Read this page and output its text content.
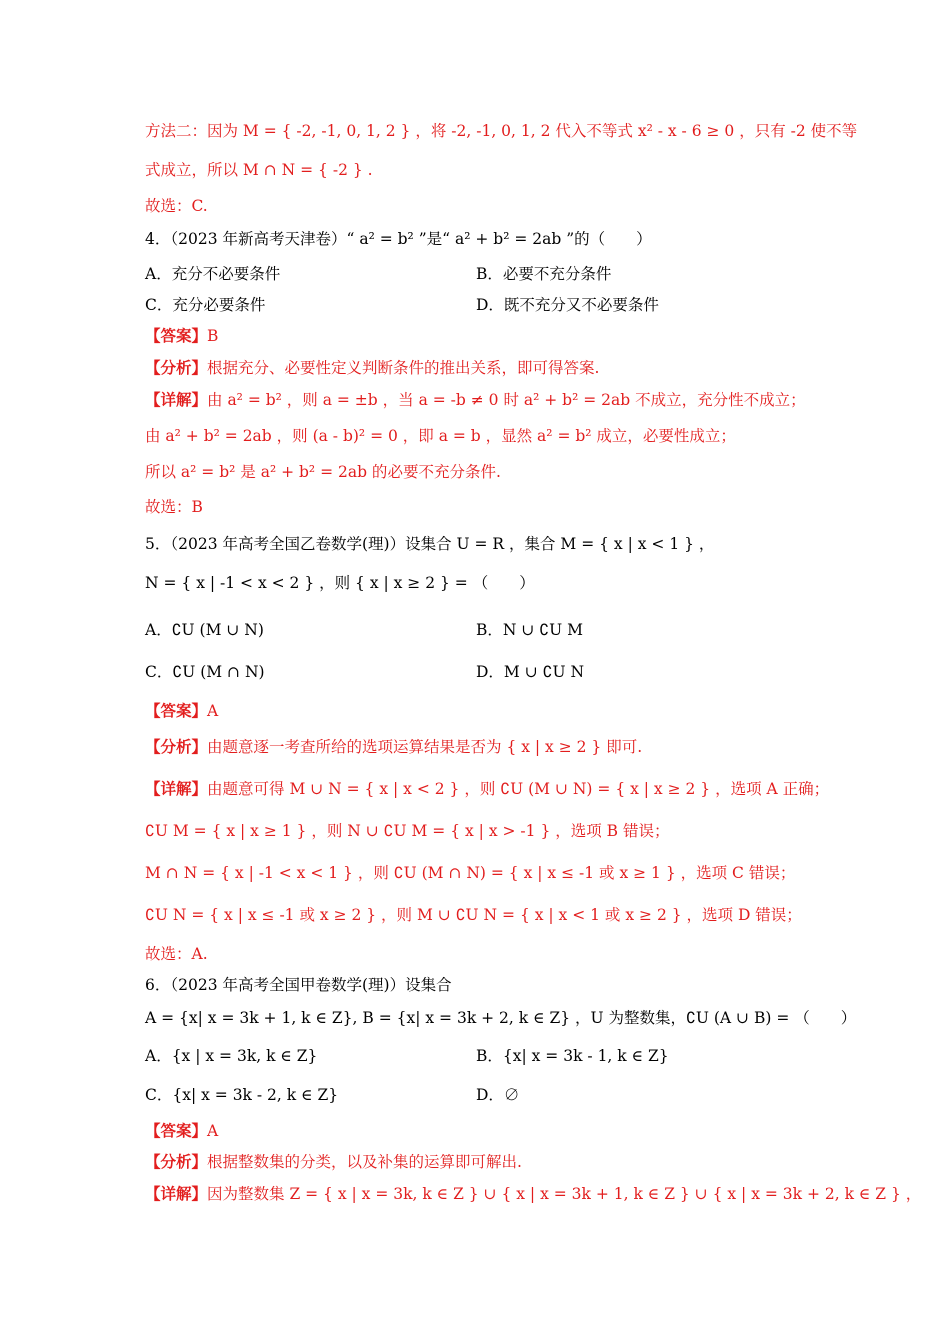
方法二：因为 M = { -2, -1, 0, 1, 2 } ，将 -2, -1, 0, 1, 2 代入不等式 x² - x - 6 ≥ 0 ，只有 -2 使不等
式成立，所以 M ∩ N = { -2 } .
故选：C.
4．（2023 年新高考天津卷）“ a² = b² ”是“ a² + b² = 2ab ”的（　　）
A．充分不必要条件	B．必要不充分条件
C．充分必要条件	D．既不充分又不必要条件
【答案】B
【分析】根据充分、必要性定义判断条件的推出关系，即可得答案.
【详解】由 a² = b² ，则 a = ±b ，当 a = -b ≠ 0 时 a² + b² = 2ab 不成立，充分性不成立；
由 a² + b² = 2ab ，则 (a - b)² = 0 ，即 a = b ，显然 a² = b² 成立，必要性成立；
所以 a² = b² 是 a² + b² = 2ab 的必要不充分条件.
故选：B
5．（2023 年高考全国乙卷数学(理)）设集合 U = R ，集合 M = { x | x < 1 } ，
N = { x | -1 < x < 2 } ，则 { x | x ≥ 2 } = （　　）
A．∁U (M ∪ N)	B．N ∪ ∁U M
C．∁U (M ∩ N)	D．M ∪ ∁U N
【答案】A
【分析】由题意逐一考查所给的选项运算结果是否为 { x | x ≥ 2 } 即可.
【详解】由题意可得 M ∪ N = { x | x < 2 } ，则 ∁U (M ∪ N) = { x | x ≥ 2 } ，选项 A 正确；
∁U M = { x | x ≥ 1 } ，则 N ∪ ∁U M = { x | x > -1 } ，选项 B 错误；
M ∩ N = { x | -1 < x < 1 } ，则 ∁U (M ∩ N) = { x | x ≤ -1 或 x ≥ 1 } ，选项 C 错误；
∁U N = { x | x ≤ -1 或 x ≥ 2 } ，则 M ∪ ∁U N = { x | x < 1 或 x ≥ 2 } ，选项 D 错误；
故选：A.
6．（2023 年高考全国甲卷数学(理)）设集合
A = {x| x = 3k + 1, k ∈ Z}, B = {x| x = 3k + 2, k ∈ Z} ，U 为整数集，∁U (A ∪ B) = （　　）
A．{x | x = 3k, k ∈ Z}	B．{x| x = 3k - 1, k ∈ Z}
C．{x| x = 3k - 2, k ∈ Z}	D．∅
【答案】A
【分析】根据整数集的分类，以及补集的运算即可解出.
【详解】因为整数集 Z = { x | x = 3k, k ∈ Z } ∪ { x | x = 3k + 1, k ∈ Z } ∪ { x | x = 3k + 2, k ∈ Z } ，
